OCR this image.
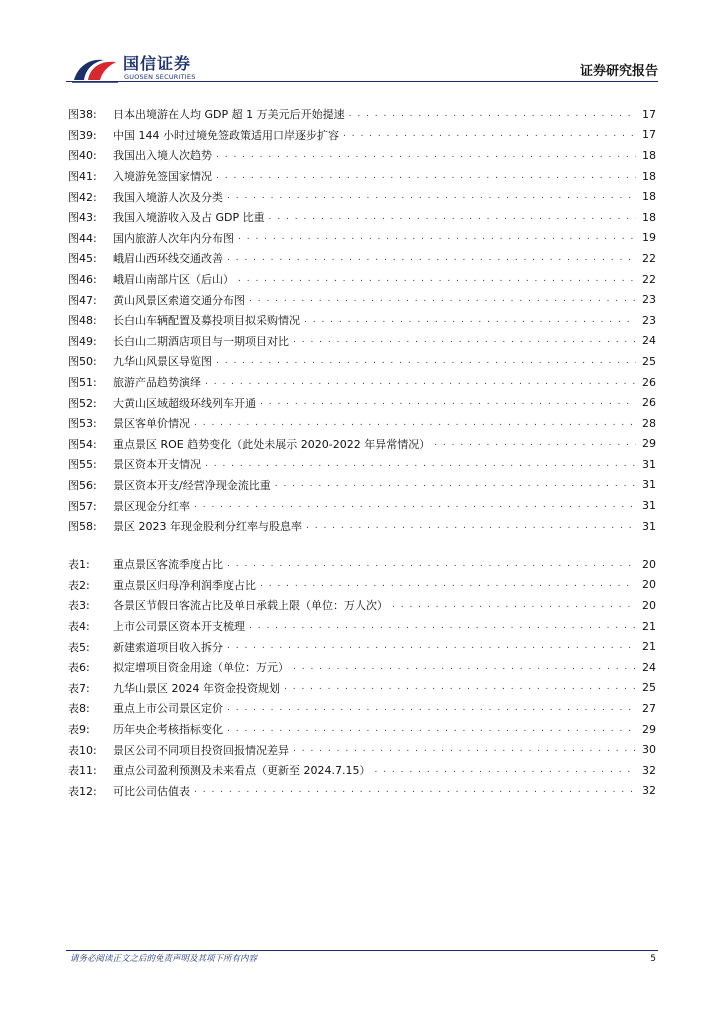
国信证券
GUOSEN SECURITIES	证券研究报告
图38:	日本出境游在人均 GDP 超 1 万美元后开始提速 . . .	17
图39:	中国 144 小时过境免签政策适用口岸逐步扩容 . . .	17
图40:	我国出入境人次趋势 . . .	18
图41:	入境游免签国家情况 . . .	18
图42:	我国入境游人次及分类 . . .	18
图43:	我国入境游收入及占 GDP 比重 . . .	18
图44:	国内旅游人次年内分布图 . . .	19
图45:	峨眉山西环线交通改善 . . .	22
图46:	峨眉山南部片区（后山） . . .	22
图47:	黄山风景区索道交通分布图 . . .	23
图48:	长白山车辆配置及募投项目拟采购情况 . . .	23
图49:	长白山二期酒店项目与一期项目对比 . . .	24
图50:	九华山风景区导览图 . . .	25
图51:	旅游产品趋势演绎 . . .	26
图52:	大黄山区域超级环线列车开通 . . .	26
图53:	景区客单价情况 . . .	28
图54:	重点景区 ROE 趋势变化（此处未展示 2020-2022 年异常情况） . . .	29
图55:	景区资本开支情况 . . .	31
图56:	景区资本开支/经营净现金流比重 . . .	31
图57:	景区现金分红率 . . .	31
图58:	景区 2023 年现金股利分红率与股息率 . . .	31
表1:	重点景区客流季度占比 . . .	20
表2:	重点景区归母净利润季度占比 . . .	20
表3:	各景区节假日客流占比及单日承载上限（单位：万人次） . . .	20
表4:	上市公司景区资本开支梳理 . . .	21
表5:	新建索道项目收入拆分 . . .	21
表6:	拟定增项目资金用途（单位：万元） . . .	24
表7:	九华山景区 2024 年资金投资规划 . . .	25
表8:	重点上市公司景区定价 . . .	27
表9:	历年央企考核指标变化 . . .	29
表10:	景区公司不同项目投资回报情况差异 . . .	30
表11:	重点公司盈利预测及未来看点（更新至 2024.7.15） . . .	32
表12:	可比公司估值表 . . .	32
请务必阅读正文之后的免责声明及其项下所有内容	5
